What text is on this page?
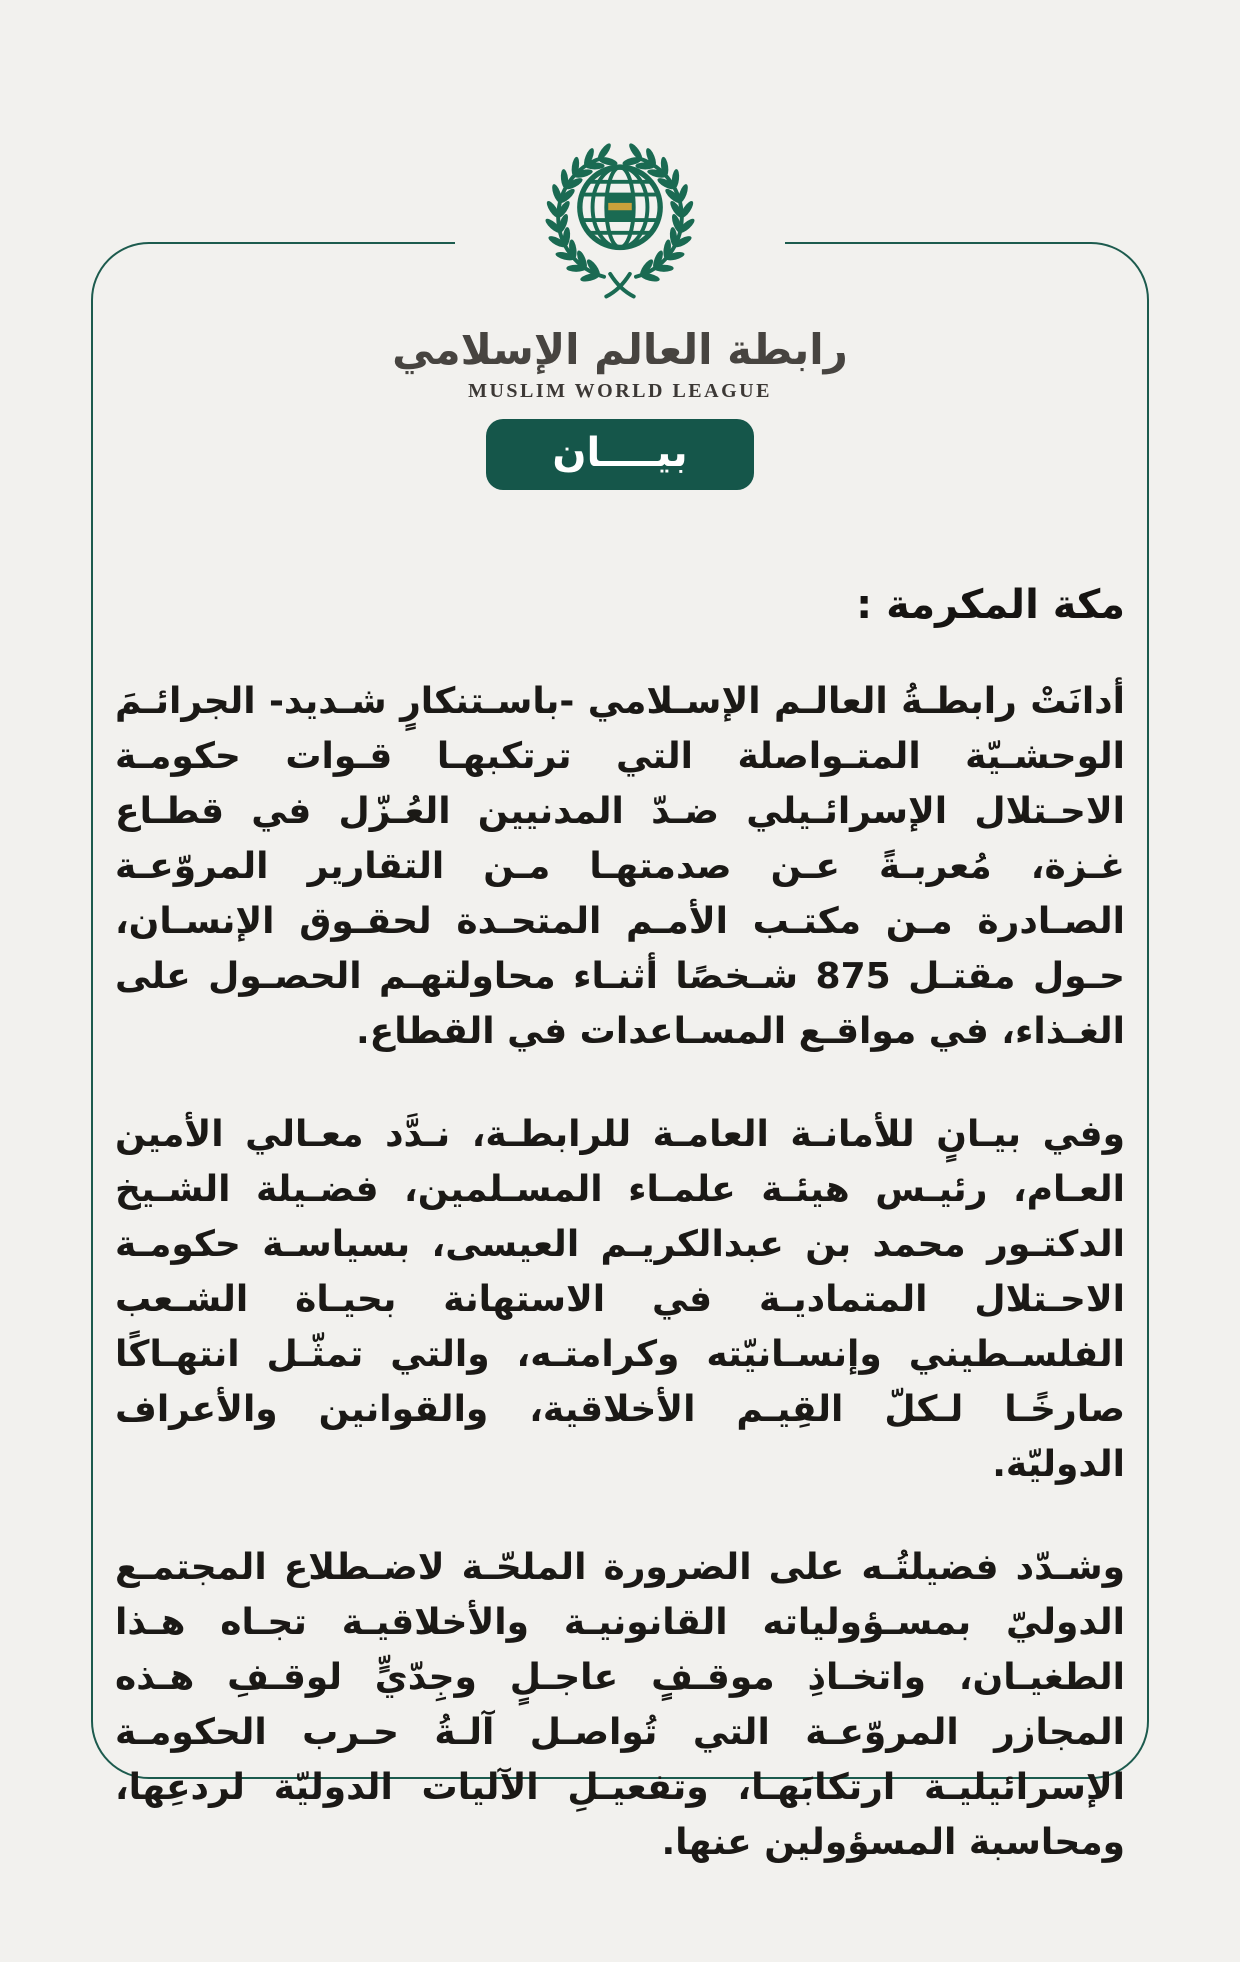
مكة المكرمة :

أدانَتْ رابطـةُ العالـم الإسـلامي -باسـتنكارٍ شـديد- الجرائـمَ الوحشـيّة المتـواصلة التي ترتكبهـا قـوات حكومـة الاحـتلال الإسرائـيلي ضـدّ المدنيين العُـزّل في قطـاع غـزة، مُعربـةً عـن صدمتهـا مـن التقارير المروّعـة الصـادرة مـن مكتـب الأمـم المتحـدة لحقـوق الإنسـان، حـول مقتـل 875 شـخصًا أثنـاء محاولتهـم الحصـول على الغـذاء، في مواقـع المسـاعدات في القطاع.

وفي بيـانٍ للأمانـة العامـة للرابطـة، نـدَّد معـالي الأمين العـام، رئيـس هيئـة علمـاء المسـلمين، فضـيلة الشـيخ الدكتـور محمد بن عبدالكريـم العيسى، بسياسـة حكومـة الاحـتلال المتماديـة في الاستهانة بحيـاة الشـعب الفلسـطيني وإنسـانيّته وكرامتـه، والتي تمثّـل انتهـاكًا صارخًـا لـكلّ القِيـم الأخلاقية، والقوانين والأعراف الدوليّة.

وشـدّد فضيلتُـه على الضرورة الملحّـة لاضـطلاع المجتمـع الدوليّ بمسـؤولياته القانونيـة والأخلاقيـة تجـاه هـذا الطغيـان، واتخـاذِ موقـفٍ عاجـلٍ وجِدّيٍّ لوقـفِ هـذه المجازر المروّعـة التي تُواصـل آلـةُ حـرب الحكومـة الإسرائيليـة ارتكابَهـا، وتفعيـلِ الآليات الدوليّة لردعِها، ومحاسبة المسؤولين عنها.

رابطة العالم الإسلامي
MUSLIM WORLD LEAGUE
بيــــان
